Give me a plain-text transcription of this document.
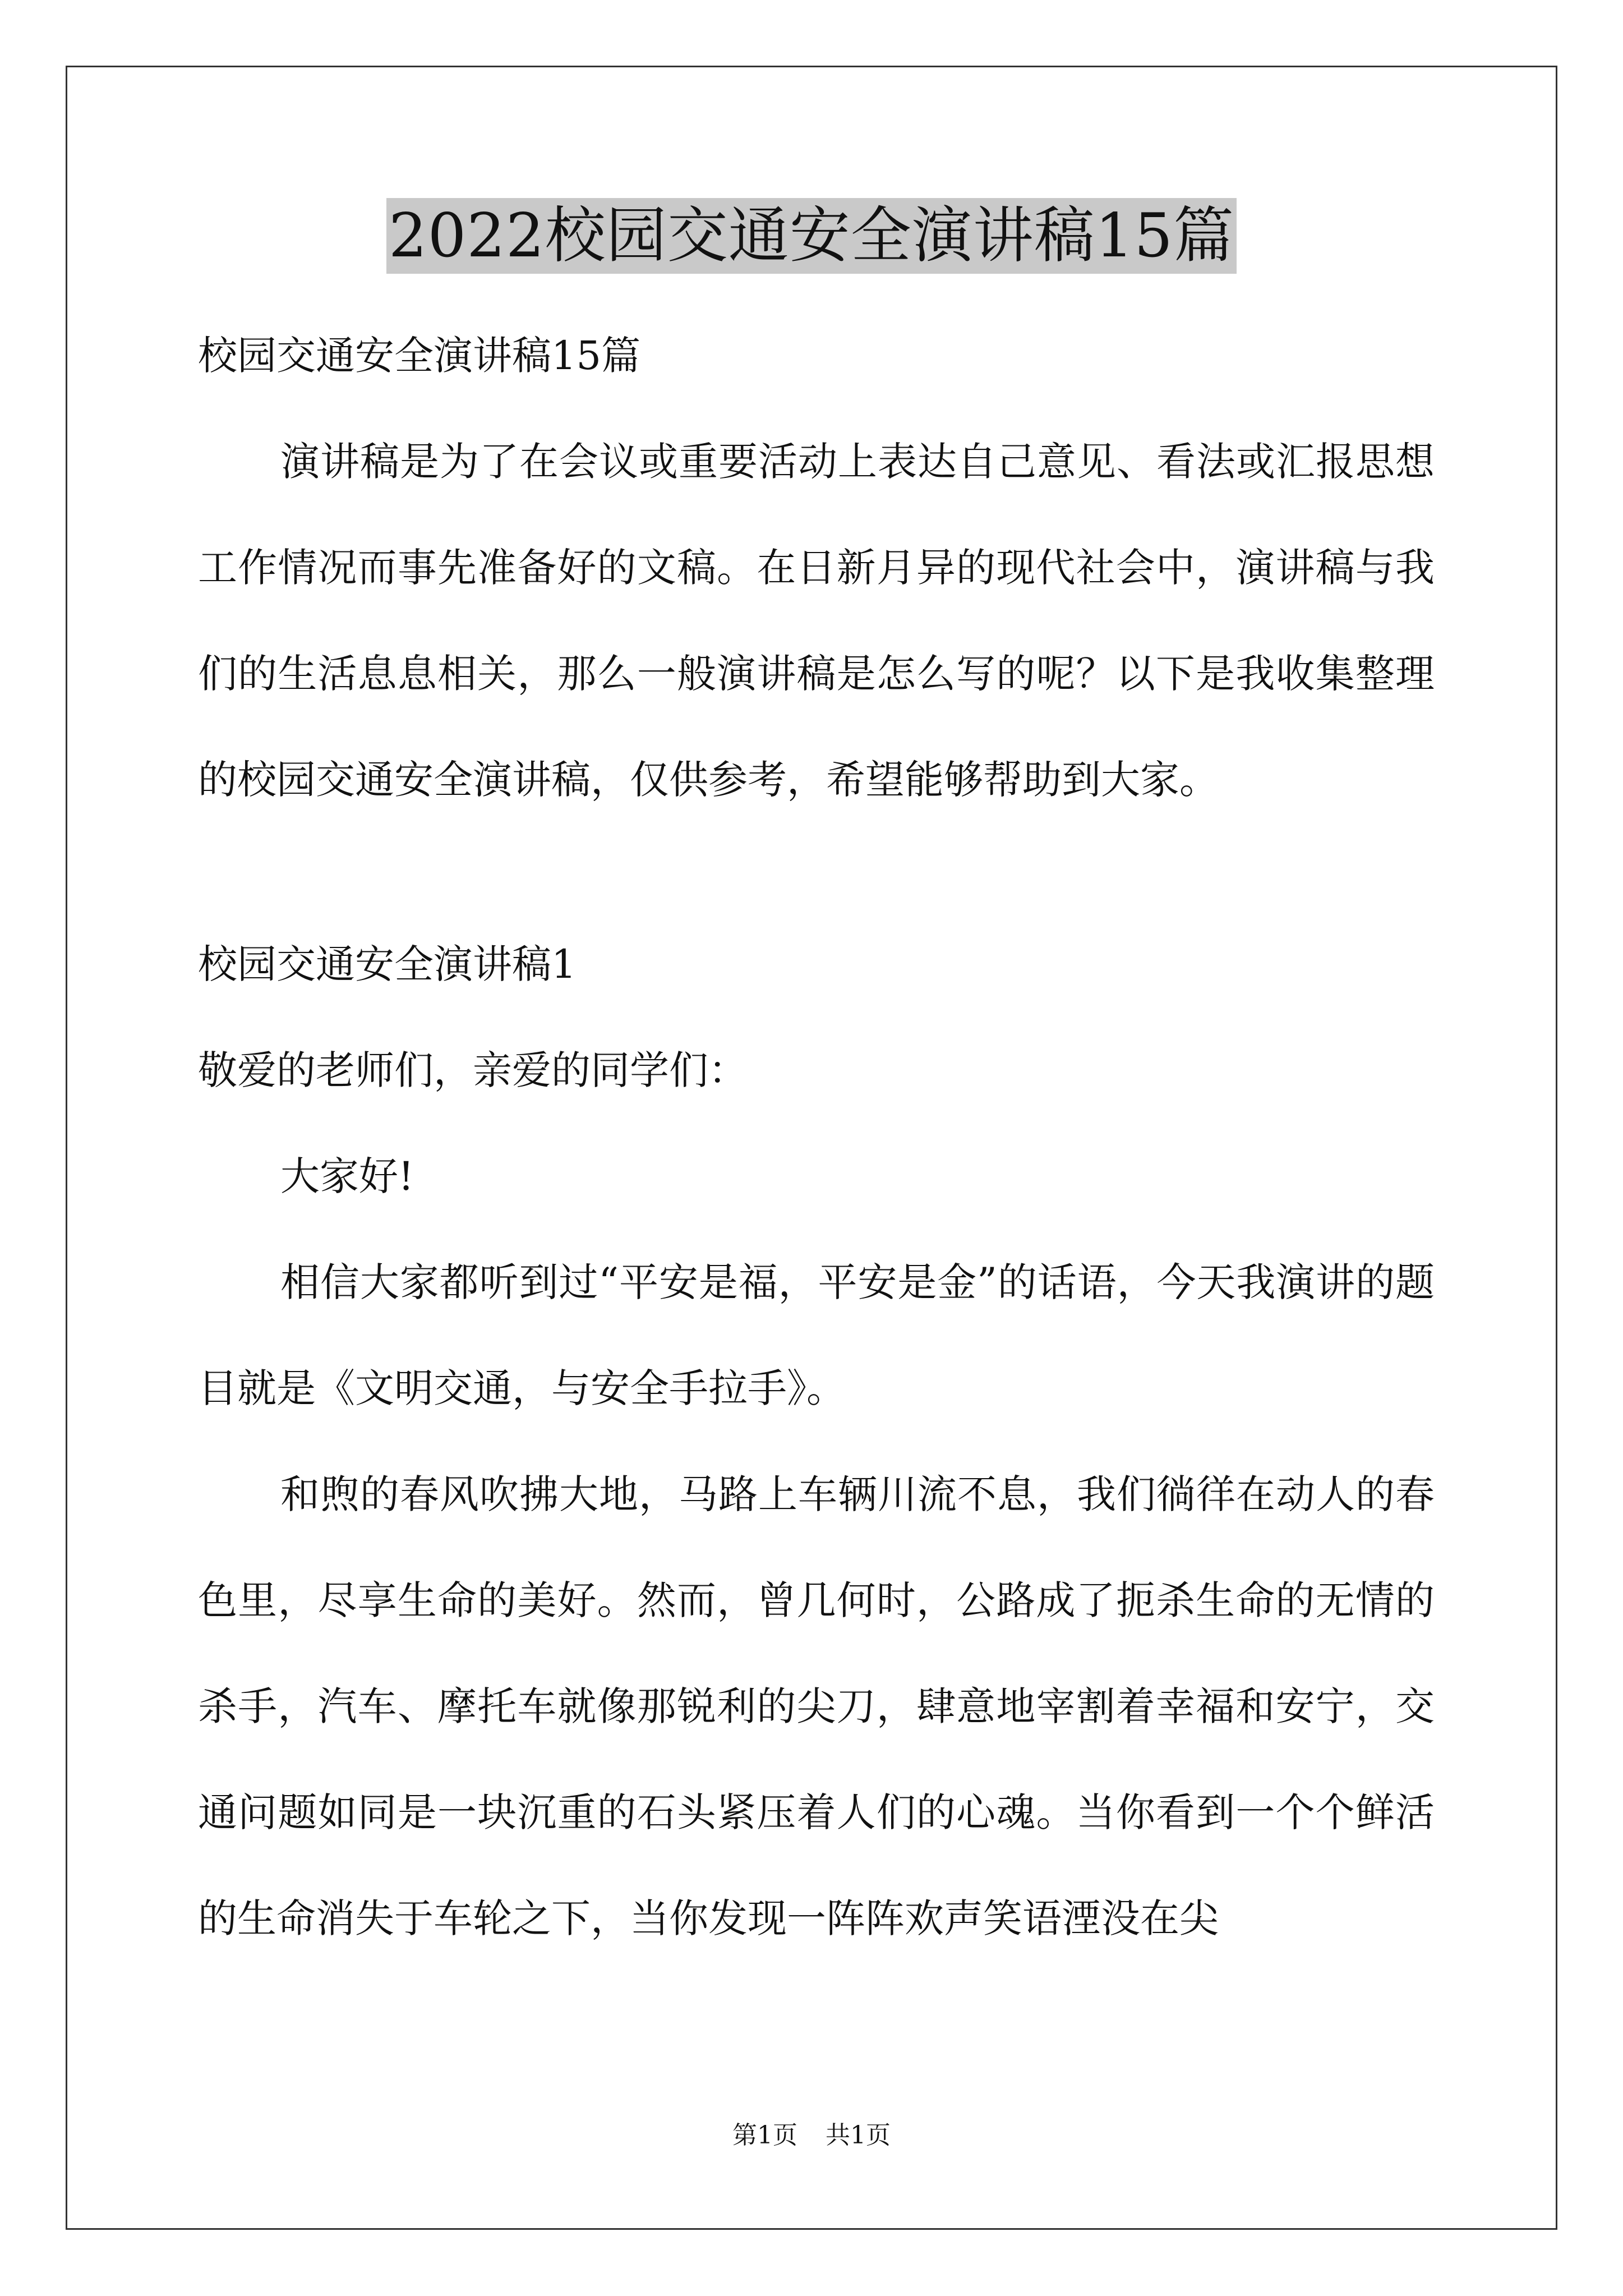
2022校园交通安全演讲稿15篇

校园交通安全演讲稿15篇

演讲稿是为了在会议或重要活动上表达自己意见、看法或汇报思想工作情况而事先准备好的文稿。在日新月异的现代社会中，演讲稿与我们的生活息息相关，那么一般演讲稿是怎么写的呢？以下是我收集整理的校园交通安全演讲稿，仅供参考，希望能够帮助到大家。

校园交通安全演讲稿1

敬爱的老师们，亲爱的同学们：

大家好!

相信大家都听到过“平安是福，平安是金”的话语，今天我演讲的题目就是《文明交通，与安全手拉手》。

和煦的春风吹拂大地，马路上车辆川流不息，我们徜徉在动人的春色里，尽享生命的美好。然而，曾几何时，公路成了扼杀生命的无情的杀手，汽车、摩托车就像那锐利的尖刀，肆意地宰割着幸福和安宁，交通问题如同是一块沉重的石头紧压着人们的心魂。当你看到一个个鲜活的生命消失于车轮之下，当你发现一阵阵欢声笑语湮没在尖

第1页 共1页
